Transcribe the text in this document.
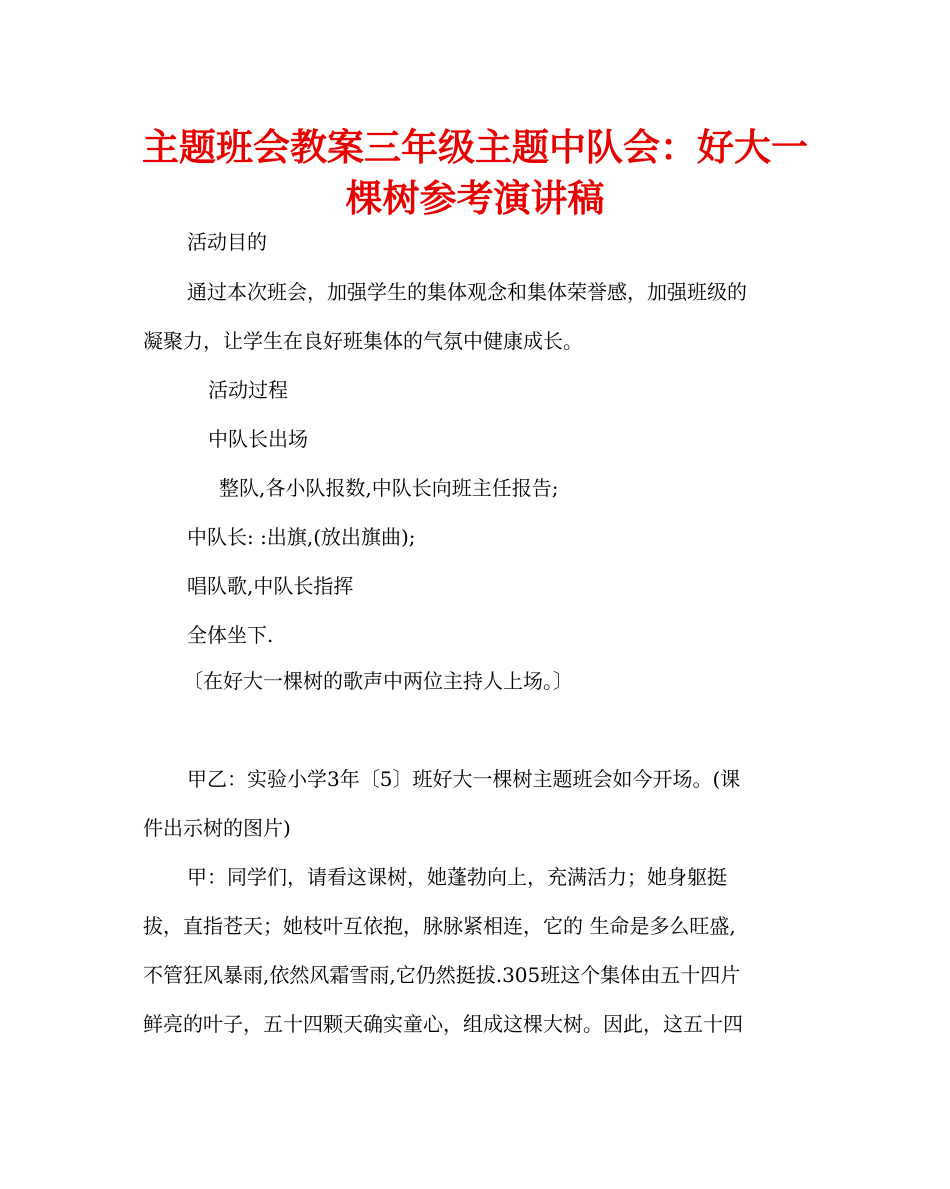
主题班会教案三年级主题中队会：好大一
棵树参考演讲稿
活动目的
通过本次班会，加强学生的集体观念和集体荣誉感，加强班级的
凝聚力，让学生在良好班集体的气氛中健康成长。
活动过程
中队长出场
整队,各小队报数,中队长向班主任报告;
中队长: :出旗,(放出旗曲);
唱队歌,中队长指挥
全体坐下.
〔在好大一棵树的歌声中两位主持人上场。〕
甲乙：实验小学3年〔5〕班好大一棵树主题班会如今开场。(课
件出示树的图片)
甲：同学们，请看这课树，她蓬勃向上，充满活力；她身躯挺
拔，直指苍天；她枝叶互依抱，脉脉紧相连，它的 生命是多么旺盛,
不管狂风暴雨,依然风霜雪雨,它仍然挺拔.305班这个集体由五十四片
鲜亮的叶子，五十四颗天确实童心，组成这棵大树。因此，这五十四
